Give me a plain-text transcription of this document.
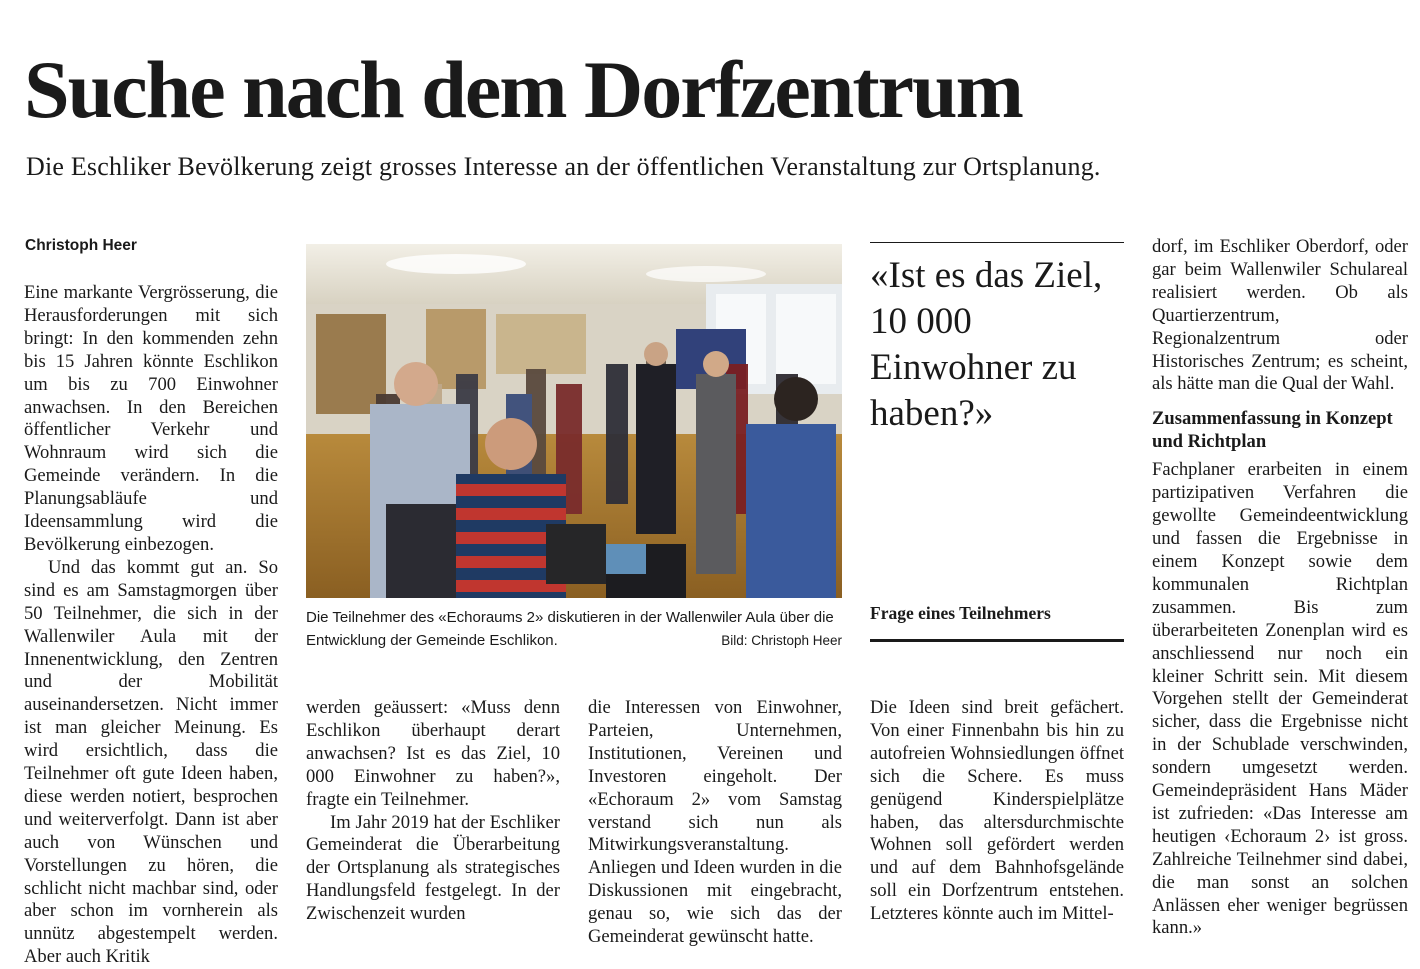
Suche nach dem Dorfzentrum
Die Eschliker Bevölkerung zeigt grosses Interesse an der öffentlichen Veranstaltung zur Ortsplanung.
Christoph Heer

Eine markante Vergrösserung, die Herausforderungen mit sich bringt: In den kommenden zehn bis 15 Jahren könnte Eschlikon um bis zu 700 Einwohner anwachsen. In den Bereichen öffentlicher Verkehr und Wohnraum wird sich die Gemeinde verändern. In die Planungsabläufe und Ideensammlung wird die Bevölkerung einbezogen.

Und das kommt gut an. So sind es am Samstagmorgen über 50 Teilnehmer, die sich in der Wallenwiler Aula mit der Innenentwicklung, den Zentren und der Mobilität auseinandersetzen. Nicht immer ist man gleicher Meinung. Es wird ersichtlich, dass die Teilnehmer oft gute Ideen haben, diese werden notiert, besprochen und weiterverfolgt. Dann ist aber auch von Wünschen und Vorstellungen zu hören, die schlicht nicht machbar sind, oder aber schon im vornherein als unnütz abgestempelt werden. Aber auch Kritik

Die Teilnehmer des «Echoraums 2» diskutieren in der Wallenwiler Aula über die Entwicklung der Gemeinde Eschlikon.	Bild: Christoph Heer
«Ist es das Ziel, 10 000 Einwohner zu haben?»
Frage eines Teilnehmers

werden geäussert: «Muss denn Eschlikon überhaupt derart anwachsen? Ist es das Ziel, 10 000 Einwohner zu haben?», fragte ein Teilnehmer.

Im Jahr 2019 hat der Eschliker Gemeinderat die Überarbeitung der Ortsplanung als strategisches Handlungsfeld festgelegt. In der Zwischenzeit wurden

die Interessen von Einwohner, Parteien, Unternehmen, Institutionen, Vereinen und Investoren eingeholt. Der «Echoraum 2» vom Samstag verstand sich nun als Mitwirkungsveranstaltung. Anliegen und Ideen wurden in die Diskussionen mit eingebracht, genau so, wie sich das der Gemeinderat gewünscht hatte.

Die Ideen sind breit gefächert. Von einer Finnenbahn bis hin zu autofreien Wohnsiedlungen öffnet sich die Schere. Es muss genügend Kinderspielplätze haben, das altersdurchmischte Wohnen soll gefördert werden und auf dem Bahnhofsgelände soll ein Dorfzentrum entstehen. Letzteres könnte auch im Mittel-

dorf, im Eschliker Oberdorf, oder gar beim Wallenwiler Schulareal realisiert werden. Ob als Quartierzentrum, Regionalzentrum oder Historisches Zentrum; es scheint, als hätte man die Qual der Wahl.

Zusammenfassung in Konzept und Richtplan

Fachplaner erarbeiten in einem partizipativen Verfahren die gewollte Gemeindeentwicklung und fassen die Ergebnisse in einem Konzept sowie dem kommunalen Richtplan zusammen. Bis zum überarbeiteten Zonenplan wird es anschliessend nur noch ein kleiner Schritt sein. Mit diesem Vorgehen stellt der Gemeinderat sicher, dass die Ergebnisse nicht in der Schublade verschwinden, sondern umgesetzt werden. Gemeindepräsident Hans Mäder ist zufrieden: «Das Interesse am heutigen ‹Echoraum 2› ist gross. Zahlreiche Teilnehmer sind dabei, die man sonst an solchen Anlässen eher weniger begrüssen kann.»
